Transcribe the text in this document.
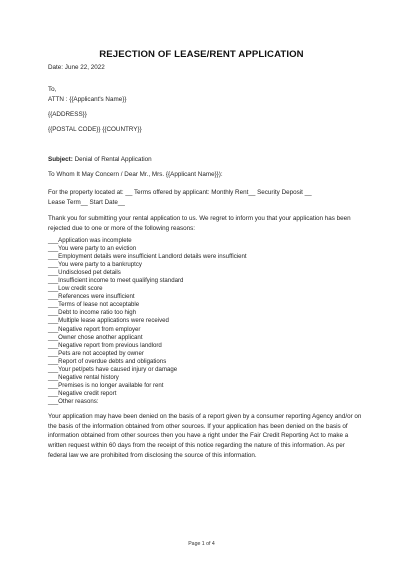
REJECTION OF LEASE/RENT APPLICATION
Date: June 22, 2022
To,
ATTN : {{Applicant's Name}}
{{ADDRESS}}
{{POSTAL CODE}} {{COUNTRY}}
Subject: Denial of Rental Application
To Whom It May Concern / Dear Mr., Mrs. {{Applicant Name}}):
For the property located at: __ Terms offered by applicant: Monthly Rent__ Security Deposit __
Lease Term__ Start Date__
Thank you for submitting your rental application to us. We regret to inform you that your application has been rejected due to one or more of the following reasons:
___Application was incomplete
___You were party to an eviction
___Employment details were insufficient Landlord details were insufficient
___You were party to a bankruptcy
___Undisclosed pet details
___Insufficient income to meet qualifying standard
___Low credit score
___References were insufficient
___Terms of lease not acceptable
___Debt to income ratio too high
___Multiple lease applications were received
___Negative report from employer
___Owner chose another applicant
___Negative report from previous landlord
___Pets are not accepted by owner
___Report of overdue debts and obligations
___Your pet/pets have caused injury or damage
___Negative rental history
___Premises is no longer available for rent
___Negative credit report
___Other reasons:
Your application may have been denied on the basis of a report given by a consumer reporting Agency and/or on the basis of the information obtained from other sources. If your application has been denied on the basis of information obtained from other sources then you have a right under the Fair Credit Reporting Act to make a written request within 60 days from the receipt of this notice regarding the nature of this information. As per federal law we are prohibited from disclosing the source of this information.
Page 1 of 4
